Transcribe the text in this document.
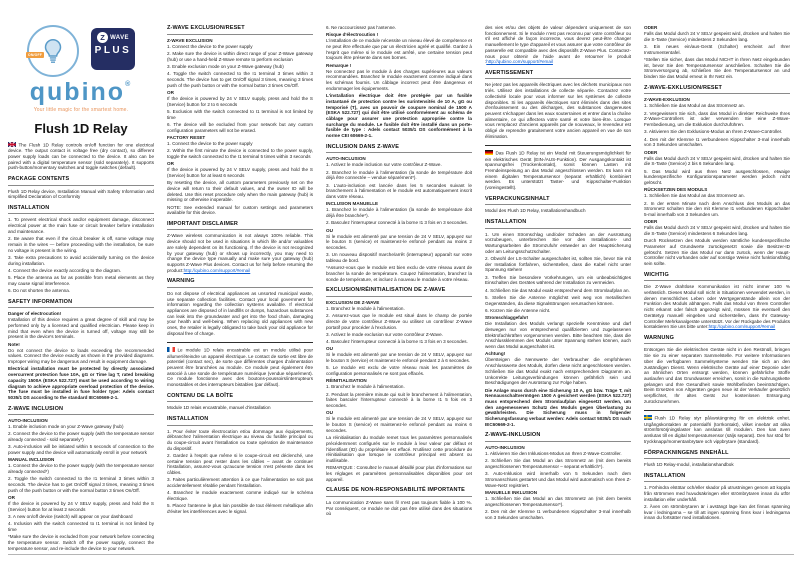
ON/OFF
Z WAVE
PLUS
qubino®
Your little magic for the smartest home.
Flush 1D Relay

The Flush 1D Relay controls on/off function for one electrical device. The output contact is voltage free (dry contact), so different power supply loads can be connected to the device. It also can be paired with a digital temperature sensor (sold separately). It supports push-button/momentary switches and toggle switches (default).

PACKAGE CONTENTS

Flush 1D Relay device, Installation Manual with Safety Information and simplified Declaration of Conformity

INSTALLATION

1. To prevent electrical shock and/or equipment damage, disconnect electrical power at the main fuse or circuit breaker before installation and maintenance.

2. Be aware that even if the circuit breaker is off, some voltage may remain in the wires — before proceeding with the installation, be sure no voltage is present in the wiring.

3. Take extra precautions to avoid accidentally turning on the device during installation.

4. Connect the device exactly according to the diagram.

5. Place the antenna as far as possible from metal elements as they may cause signal interference.

6. Do not shorten the antenna.

SAFETY INFORMATION
Danger of electrocution!

Installation of this device requires a great degree of skill and may be performed only by a licensed and qualified electrician. Please keep in mind that even when the device is turned off, voltage may still be present in the device's terminals.

Note!

Do not connect the device to loads exceeding the recommended values. Connect the device exactly as shown in the provided diagrams. Improper wiring may be dangerous and result in equipment damage.

Electrical installation must be protected by directly associated overcurrent protection fuse 10A, gG or Time lag T, rated breaking capacity 1500A (ESKA 522.727) must be used according to wiring diagram to achieve appropriate overload protection of the device. The fuse must be installed in fuse holder type: Adels contact 5035/1 DS according to the standard IEC60669-2-1.

Z-WAVE INCLUSION
AUTO-INCLUSION

1. Enable inclusion mode on your Z-Wave gateway (hub)

2. Connect the device to the power supply (with the temperature sensor already connected - sold separately*)

3. Auto-inclusion will be initiated within 5 seconds of connection to the power supply and the device will automatically enroll in your network

MANUAL INCLUSION

1. Connect the device to the power supply (with the temperature sensor already connected*)

2. Toggle the switch connected to the I1 terminal 3 times within 3 seconds. The device has to get On/Off signal 3 times, meaning 3 times push of the push button or with the normal button 3 times On/Off.

OR

If the device is powered by 24 V SELV supply, press and hold the S (Service) button for at least 2 seconds

3. A new on/off device (switch) will appear on your dashboard

4. Inclusion with the switch connected to I1 terminal is not limited by time

*Make sure the device is excluded from your network before connecting the temperature sensor. Switch off the power supply, connect the temperature sensor, and re-include the device to your network.

Z-WAVE EXCLUSION/RESET
Z-WAVE EXCLUSION

1. Connect the device to the power supply

2. Make sure the device is within direct range of your Z-Wave gateway (hub) or use a hand-held Z-Wave remote to perform exclusion

3. Enable exclusion mode on your Z-Wave gateway (hub)

4. Toggle the switch connected to the I1 terminal 3 times within 3 seconds. The device has to get On/Off signal 3 times, meaning 3 times push of the push button or with the normal button 3 times On/Off.

OR

If the device is powered by 24 V SELV supply, press and hold the S (Service) button for 2 to 6 seconds

5. Exclusion with the switch connected to I1 terminal is not limited by time

6. The device will be excluded from your network but any custom configuration parameters will not be erased.

FACTORY RESET

1. Connect the device to the power supply

2. Within the first minute the device is connected to the power supply, toggle the switch connected to the I1 terminal 5 times within 3 seconds

OR

If the device is powered by 24 V SELV supply, press and hold the S (Service) button for at least 6 seconds

By resetting the device, all custom parameters previously set on the device will return to their default values, and the owner ID will be deleted. Use this reset procedure only when the main gateway (hub) is missing or otherwise inoperable.

NOTE: See extended manual for custom settings and parameters available for this device.

IMPORTANT DISCLAIMER

Z-Wave wireless communication is not always 100% reliable. This device should not be used in situations in which life and/or valuables are solely dependent on its functioning. If the device is not recognized by your gateway (hub) or shows up incorrectly, you may need to change the device type manually and make sure your gateway (hub) supports Z-Wave Plus devices. Contact us for help before returning the product:http://qubino.com/support/#email

WARNING

Do not dispose of electrical appliances as unsorted municipal waste, use separate collection facilities. Contact your local government for information regarding the collection systems available. If electrical appliances are disposed of in landfills or dumps, hazardous substances can leak into the groundwater and get into the food chain, damaging your health and well-being. When replacing old appliances with new ones, the retailer is legally obligated to take back your old appliance for disposal free of charge.

Le module 1D relais encastrable est un module utilisé pour allumer/éteindre un appareil électrique. Le contact de sortie est libre de potentiel (contact sec), de sorte que différentes charges d'alimentation peuvent être branchées au module. Ce module peut également être associé à une sonde de température numérique (vendue séparément). Ce module fonctionne avec des boutons-poussoirs/interrupteurs monostables et des interrupteurs bistables (par défaut).

CONTENU DE LA BOÎTE

Module 1D relais encastrable, manuel d'installation

INSTALLATION

1. Pour éviter toute électrocution et/ou dommage aux équipements, débranchez l'alimentation électrique au niveau du fusible principal ou du coupe-circuit avant l'installation ou toute opération de maintenance du dispositif.

2. Gardez à l'esprit que même si le coupe-circuit est déclenché, une certaine tension peut rester dans les câbles – avant de continuer l'installation, assurez-vous qu'aucune tension n'est présente dans les câbles.

3. Faites particulièrement attention à ce que l'alimentation ne soit pas accidentellement rétablie pendant l'installation.

4. Branchez le module exactement comme indiqué sur le schéma électrique.

5. Placez l'antenne le plus loin possible de tout élément métallique afin d'éviter les interférences avec le signal.

6. Ne raccourcissez pas l'antenne.

Risque d'électrocution !

L'installation de ce module nécessite un niveau élevé de compétence et ne peut être effectuée que par un électricien agréé et qualifié. Gardez à l'esprit que même si le module est arrêté, une certaine tension peut toujours être présente dans ses bornes.

Remarque !

Ne connectez pas le module à des charges supérieures aux valeurs recommandées. Branchez le module exactement comme indiqué dans les schémas fournis. Un câblage incorrect peut être dangereux et endommager les équipements.

L'installation électrique doit être protégée par un fusible instantané de protection contre les surintensités de 10 A, gG ou temporisé (T), avec un pouvoir de coupure nominal de 1500 A (ESKA 522.727) qui doit être utilisé conformément au schéma de câblage pour assurer une protection appropriée contre la surcharge du module. Le fusible doit être installé dans un porte-fusible de type : Adels contact 5035/1 DS conformément à la norme CEI 60669-2-1.

INCLUSION DANS Z-WAVE
AUTO-INCLUSION

1. Activez le mode inclusion sur votre contrôleur Z-Wave.

2. Branchez le module à l'alimentation (la sonde de température doit déjà être connectée – vendue séparément*).

3. L'auto-inclusion est lancée dans les 5 secondes suivant le branchement à l'alimentation et le module est automatiquement inscrit dans votre réseau.

INCLUSION MANUELLE

1. Branchez le module à l'alimentation (la sonde de température doit déjà être branchée*).

2. Basculez l'interrupteur connecté à la borne I1 3 fois en 3 secondes.

OU

Si le module est alimenté par une tension de 24 V SELV, appuyez sur le bouton S (service) et maintenez-le enfoncé pendant au moins 2 secondes.

3. Un nouveau dispositif marche/arrêt (interrupteur) apparaît sur votre tableau de bord.

*Assurez-vous que le module est bien exclu de votre réseau avant de brancher la sonde de température. Coupez l'alimentation, branchez la sonde de température, et incluez à nouveau le module à votre réseau.

EXCLUSION/RÉINITIALISATION DE Z-WAVE
EXCLUSION DE Z-WAVE

1. Branchez le module à l'alimentation.

2. Assurez-vous que le module est situé dans le champ de portée directe de votre contrôleur Z-Wave ou utilisez un contrôleur Z-Wave portatif pour procéder à l'exclusion.

3. Activez le mode exclusion sur votre contrôleur Z-Wave.

4. Basculez l'interrupteur connecté à la borne I1 3 fois en 3 secondes.

OU

Si le module est alimenté par une tension de 24 V SELV, appuyez sur le bouton S (service) et maintenez-le enfoncé pendant 2 à 6 secondes.

5. Le module est exclu de votre réseau mais les paramètres de configuration personnalisés ne sont pas effacés.

RÉINITIALISATION

1. Branchez le module à l'alimentation.

2. Pendant la première minute qui suit le branchement à l'alimentation, faites basculer l'interrupteur connecté à la borne I1 5 fois en 3 secondes.

OU

Si le module est alimenté par une tension de 24 V SELV, appuyez sur le bouton S (service) et maintenez-le enfoncé pendant au moins 6 secondes.

La réinitialisation du module remet tous les paramètres personnalisés précédemment configurés sur le module à leur valeur par défaut et l'identifiant (ID) du propriétaire est effacé. N'utilisez cette procédure de réinitialisation que lorsque le contrôleur principal est absent ou inutilisable.

REMARQUE : Consultez le manuel détaillé pour plus d'informations sur les réglages et paramètres personnalisables disponibles pour cet appareil.

CLAUSE DE NON-RESPONSABILITÉ IMPORTANTE

La communication Z-Wave sans fil n'est pas toujours fiable à 100 %. Par conséquent, ce module ne doit pas être utilisé dans des situations où

des vies et/ou des objets de valeur dépendent uniquement de son fonctionnement. Si le module n'est pas reconnu par votre contrôleur ou s'il est affiché de façon incorrecte, vous devrez peut-être changer manuellement le type d'appareil et vous assurer que votre contrôleur de passerelle est compatible avec des dispositifs Z-Wave Plus. Contactez-nous pour obtenir de l'aide avant de retourner le produit :http://qubino.com/support/#email

AVERTISSEMENT

Ne jetez pas les appareils électriques avec les déchets municipaux non triés. Utilisez des installations de collecte séparée. Contactez votre collectivité locale pour vous informer sur les systèmes de collecte disponibles. Si les appareils électriques sont éliminés dans des sites d'enfouissement ou des décharges, des substances dangereuses peuvent s'échapper dans les eaux souterraines et entrer dans la chaîne alimentaire, ce qui affectera votre santé et votre bien-être. Lorsque vous remplacez d'anciens appareils par de nouveaux, le revendeur est obligé de reprendre gratuitement votre ancien appareil en vue de son élimination.

Das Flush 1D Relay ist ein Modul mit Steuerungsmöglichkeit für ein elektrisches Gerät (EIN-/AUS-Funktion). Der Ausgangskontakt ist spannungsfrei (Trockenkontakt), somit können Lasten mit Fremdeinspeisung an das Modul angeschlossen werden. Es kann mit einem digitalen Temperatursensor (separat erhältlich) kombiniert werden. Es unterstützt Taster- und Kippschalter-Funktion (voreingestellt).

VERPACKUNGSINHALT

Modul des Flush 1D Relay, Installationshandbuch

INSTALLATION

1. Um einen Stromschlag und/oder Schäden an der Ausrüstung vorzubeugen, unterbrechen Sie vor den Installations- und Wartungsarbeiten die Stromzufuhr entweder an der Hauptsicherung oder am Leitungsschutzschalter.

2. Obwohl der LS-Schalter ausgeschaltet ist, sollten Sie, bevor Sie mit der Installation fortfahren, sicherstellen, dass die Kabel nicht unter Spannung stehen!

3. Treffen Sie besondere Vorkehrungen, um ein unbeabsichtigtes Einschalten des Gerätes während der Installation zu vermeiden.

4. Schließen Sie das Modul exakt entsprechend dem Stromlaufplan an.

5. Stellen Sie die Antenne möglichst weit weg von metallischen Gegenständen, da diese Signalstörungen verursachen können.

6. Kürzen Sie die Antenne nicht.

Stromschlaggefahr!

Die Installation des Moduls verlangt spezielle Kenntnisse und darf deswegen nur von entsprechend qualifizierten und zugelassenen Elektrofachkräften vorgenommen werden. Bitte beachten Sie, dass die Anschlussklemmen des Moduls unter Spannung stehen können, auch wenn das Modul ausgeschaltet ist.

Achtung!

Übersteigen die Nennwerte der Verbraucher die empfohlenen Anschlusswerte des Moduls, dürfen diese nicht angeschlossen werden. Schließen Sie das Modul exakt nach entsprechendem Diagramm an. Unkorrekte Leitungsverbindungen können gefährlich sein und Beschädigungen der Ausrüstung zur Folge haben.

Die Anlage muss durch eine Sicherung 10 A, gG bzw. Träge T, mit Nennausschaltvermögen 1500 A gesichert werden (ESKA 522.727) muss entsprechend dem Stromlaufplan eingesetzt werden, um den angemessenen Schutz des Moduls gegen Überlastung zu gewährleisten. Die Sicherung muss in folgender Sicherungsfassung verbaut werden: Adels contact 5035/1 DS nach IEC60669-2-1.

Z-WAVE-INKLUSION
AUTO-INKLUSION

1. Aktivieren Sie den Inklusions-Modus an Ihren Z-Wave-Controller.

2. Schließen Sie das Modul an das Stromnetz an (mit dem bereits angeschlossenen Temperatursensor – separat erhältlich*).

3. Auto-Inklusion wird innerhalb von 5 Sekunden nach dem Stromanschluss gestartet und das Modul wird automatisch von Ihren Z-Wave-Netz registriert.

MANUELLE INKLUSION

1. Schließen Sie das Modul an das Stromnetz an (mit dem bereits angeschlossenen Temperatursensor*).

2. Den mit der Klemme I1 verbundenen Kippschalter 3-mal innerhalb von 3 Sekunden umschalten.

ODER

Falls das Modul durch 24 V SELV gespeist wird, drücken und halten Sie die S-Taste (Service) mindestens 2 Sekunden lang.

3. Ein neues ein/aus-Gerät (Schalter) erscheint auf Ihrer Instrumententafel.

*Stellen Sie sicher, dass das Modul NICHT in Ihren Netz eingebunden ist, bevor Sie den Temperatursensor anschließen. Schalten Sie die Stromversorgung ab, schließen Sie den Temperatursensor an und binden Sie das Modul erneut in Ihr Netz ein.

Z-WAVE-EXKLUSION/RESET
Z-WAVE-EXKLUSION

1. Schließen Sie das Modul an das Stromnetz an.

2. Vergewissern Sie sich, dass das Modul in direkter Reichweite Ihres Z-Wave-Controllers ist oder verwenden Sie eine Z-Wave-Fernbedienung, um die Exklusion durchzuführen.

3. Aktivieren Sie den Exklusions-Modus an Ihren Z-Wave-Controller.

4. Den mit der Klemme I1 verbundenen Kippschalter 3-mal innerhalb von 3 Sekunden umschalten.

ODER

Falls das Modul durch 24 V SELV gespeist wird, drücken und halten Sie die S-Taste (Service) 2 bis 6 Sekunden lang.

5. Das Modul wird aus Ihren Netz ausgeschlossen, etwaige kundenspezifische Konfigurationsparameter werden jedoch nicht gelöscht.

RÜCKSETZEN DES MODULS

1. Schließen Sie das Modul an das Stromnetz an.

2. In der ersten Minute nach dem Anschluss des Moduls an das Stromnetz schalten Sie den mit Klemme I1 verbundenen Kippschalter 5-mal innerhalb von 3 Sekunden um.

ODER

Falls das Modul durch 24 V SELV gespeist wird, drücken und halten Sie die S-Taste (Service) mindestens 6 Sekunden lang.

Durch Rücksetzen des Moduls werden sämtliche kundenspezifische Parameter auf Grundwerte zurückgesetzt sowie die Besitzer-ID gelöscht. Setzen Sie das Modul nur dann zurück, wenn der Haupt-Controller nicht vorhanden oder auf sonstige Weise nicht funktionsfähig sein sollte.

WICHTIG

Die Z-Wave drahtlose Kommunikation ist nicht immer 100 % verlässlich. Dieses Modul soll nicht in Situationen verwendet werden, in denen menschliches Leben oder Wertgegenstände allein von der Funktion des Moduls abhängen. Falls das Modul von Ihrem Controller nicht erkannt oder falsch angezeigt wird, müssen Sie eventuell den Gerätetyp manuell eingeben und sicherstellen, dass Ihr Gateway-Controller Mehrkanalgeräte unterstützt. Vor der Rückgabe des Produkts kontaktieren Sie uns bitte unter:http://qubino.com/support/#email

WARNUNG

Entsorgen Sie die elektrischen Geräte nicht in den Restmüll, bringen Sie sie zu einer separaten Sammelstelle. Für weitere Informationen über die verfügbaren Sammelsysteme wenden Sie sich an den zuständigen Dienst. Wenn elektrische Geräte auf einer Deponie oder an ähnlichen Orten entsorgt werden, können gefährliche Stoffe auslaufen und das Grundwasser erreichen, somit in die Nahrungskette gelangen und Ihre Gesundheit sowie Wohlbefinden beeinträchtigen. Beim Ersetzen von Altgeräten gegen neue ist der Verkäufer gesetzlich verpflichtet, Ihr altes Gerät zur kostenlosen Entsorgung zurückzunehmen.

Flush 1D Relay styr på/avstängning för en elektrisk enhet. Utgångskontakten är potentialfri (torrkontakt), vilket innebär att olika strömförsörjningslaster kan anslutas till modulen. Den kan även anslutas till en digital temperatursensor (säljs separat). Den har stöd för tryckknapp/momentanbrytare och vippbrytare (standard).

FÖRPACKNINGENS INNEHÅLL

Flush 1D Relay-modul, installationshandbok

INSTALLATION

1. Förhindra elstötar och/eller skador på utrustningen genom att koppla från strömmen med huvudsäkringen eller strömbrytaren innan du utför installation eller underhåll.

2. Även om strömbrytaren är i avstängt läge kan det finnas spänning kvar i ledningarna – se till att ingen spänning finns kvar i ledningarna innan du fortsätter med installationen.
